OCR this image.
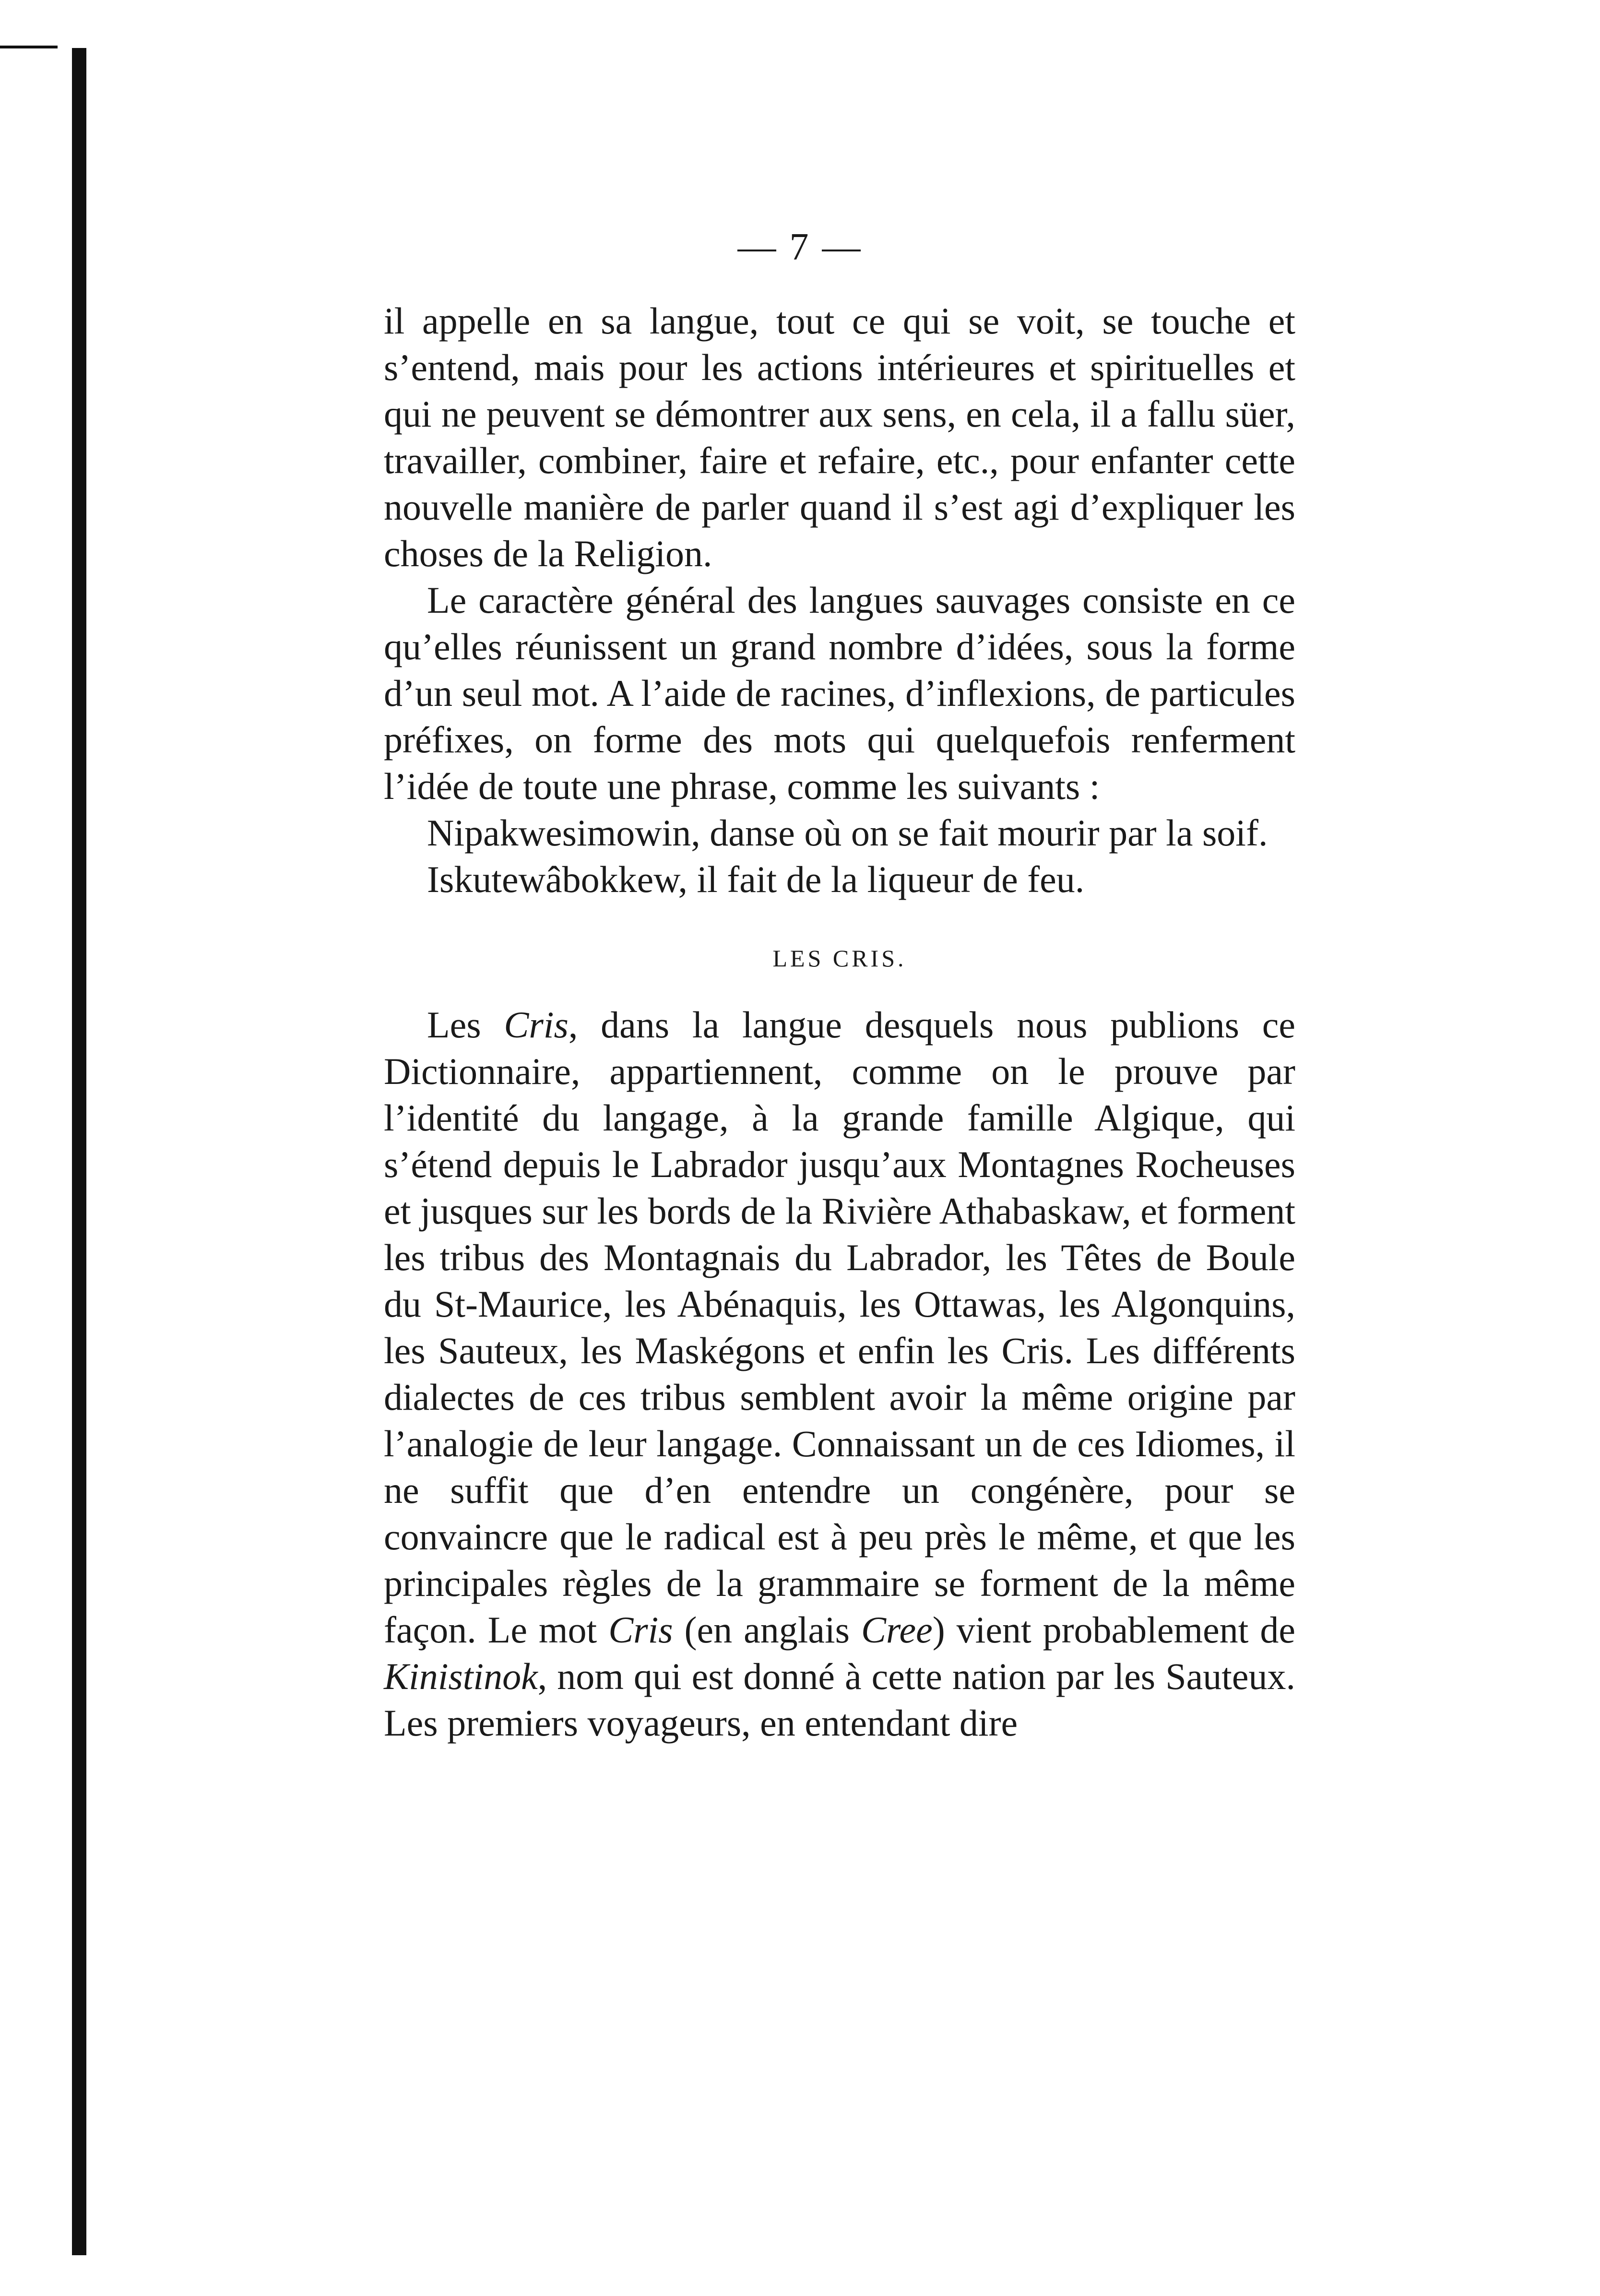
— 7 —

il appelle en sa langue, tout ce qui se voit, se touche et s’entend, mais pour les actions intérieures et spirituelles et qui ne peuvent se démontrer aux sens, en cela, il a fallu süer, travailler, combiner, faire et refaire, etc., pour enfanter cette nouvelle manière de parler quand il s’est agi d’expliquer les choses de la Religion.

Le caractère général des langues sauvages consiste en ce qu’elles réunissent un grand nombre d’idées, sous la forme d’un seul mot. A l’aide de racines, d’inflexions, de particules préfixes, on forme des mots qui quelquefois renferment l’idée de toute une phrase, comme les suivants :

Nipakwesimowin, danse où on se fait mourir par la soif.

Iskutewâbokkew, il fait de la liqueur de feu.

LES CRIS.

Les Cris, dans la langue desquels nous publions ce Dictionnaire, appartiennent, comme on le prouve par l’identité du langage, à la grande famille Algique, qui s’étend depuis le Labrador jusqu’aux Montagnes Rocheuses et jusques sur les bords de la Rivière Athabaskaw, et forment les tribus des Montagnais du Labrador, les Têtes de Boule du St-Maurice, les Abénaquis, les Ottawas, les Algonquins, les Sauteux, les Maskégons et enfin les Cris. Les différents dialectes de ces tribus semblent avoir la même origine par l’analogie de leur langage. Connaissant un de ces Idiomes, il ne suffit que d’en entendre un congénère, pour se convaincre que le radical est à peu près le même, et que les principales règles de la grammaire se forment de la même façon. Le mot Cris (en anglais Cree) vient probablement de Kinistinok, nom qui est donné à cette nation par les Sauteux. Les premiers voyageurs, en entendant dire
